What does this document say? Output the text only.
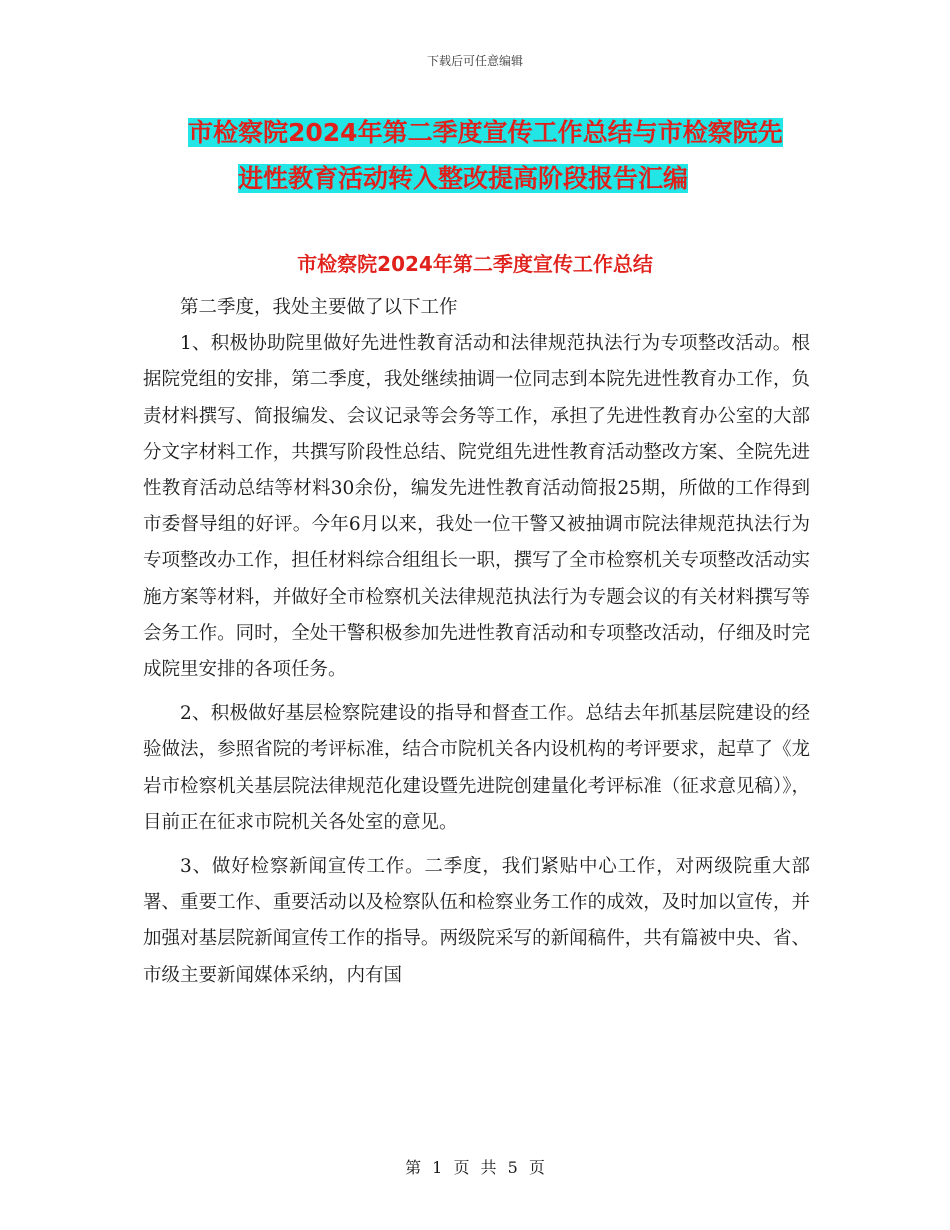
下载后可任意编辑
市检察院2024年第二季度宣传工作总结与市检察院先
进性教育活动转入整改提高阶段报告汇编
市检察院2024年第二季度宣传工作总结

第二季度，我处主要做了以下工作

1、积极协助院里做好先进性教育活动和法律规范执法行为专项整改活动。根据院党组的安排，第二季度，我处继续抽调一位同志到本院先进性教育办工作，负责材料撰写、简报编发、会议记录等会务等工作，承担了先进性教育办公室的大部分文字材料工作，共撰写阶段性总结、院党组先进性教育活动整改方案、全院先进性教育活动总结等材料30余份，编发先进性教育活动简报25期，所做的工作得到市委督导组的好评。今年6月以来，我处一位干警又被抽调市院法律规范执法行为专项整改办工作，担任材料综合组组长一职，撰写了全市检察机关专项整改活动实施方案等材料，并做好全市检察机关法律规范执法行为专题会议的有关材料撰写等会务工作。同时，全处干警积极参加先进性教育活动和专项整改活动，仔细及时完成院里安排的各项任务。

2、积极做好基层检察院建设的指导和督查工作。总结去年抓基层院建设的经验做法，参照省院的考评标准，结合市院机关各内设机构的考评要求，起草了《龙岩市检察机关基层院法律规范化建设暨先进院创建量化考评标准（征求意见稿）》，目前正在征求市院机关各处室的意见。

3、做好检察新闻宣传工作。二季度，我们紧贴中心工作，对两级院重大部署、重要工作、重要活动以及检察队伍和检察业务工作的成效，及时加以宣传，并加强对基层院新闻宣传工作的指导。两级院采写的新闻稿件，共有篇被中央、省、市级主要新闻媒体采纳，内有国

第 1 页 共 5 页
